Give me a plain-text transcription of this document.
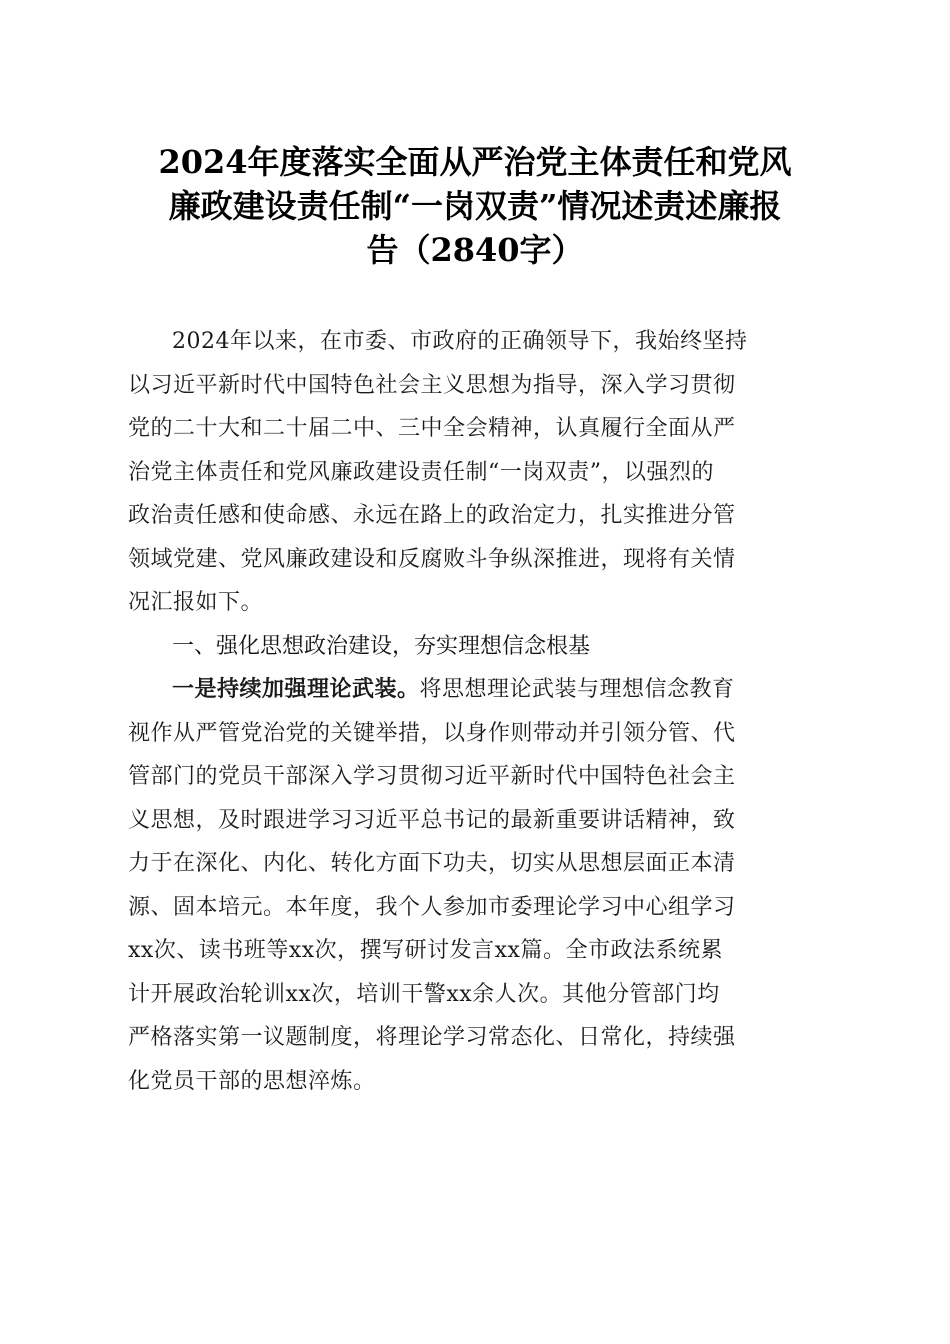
2024年度落实全面从严治党主体责任和党风
廉政建设责任制“一岗双责”情况述责述廉报
告（2840字）

2024年以来，在市委、市政府的正确领导下，我始终坚持
以习近平新时代中国特色社会主义思想为指导，深入学习贯彻
党的二十大和二十届二中、三中全会精神，认真履行全面从严
治党主体责任和党风廉政建设责任制“一岗双责”，以强烈的
政治责任感和使命感、永远在路上的政治定力，扎实推进分管
领域党建、党风廉政建设和反腐败斗争纵深推进，现将有关情
况汇报如下。

一、强化思想政治建设，夯实理想信念根基

一是持续加强理论武装。将思想理论武装与理想信念教育
视作从严管党治党的关键举措，以身作则带动并引领分管、代
管部门的党员干部深入学习贯彻习近平新时代中国特色社会主
义思想，及时跟进学习习近平总书记的最新重要讲话精神，致
力于在深化、内化、转化方面下功夫，切实从思想层面正本清
源、固本培元。本年度，我个人参加市委理论学习中心组学习
xx次、读书班等xx次，撰写研讨发言xx篇。全市政法系统累
计开展政治轮训xx次，培训干警xx余人次。其他分管部门均
严格落实第一议题制度，将理论学习常态化、日常化，持续强
化党员干部的思想淬炼。
